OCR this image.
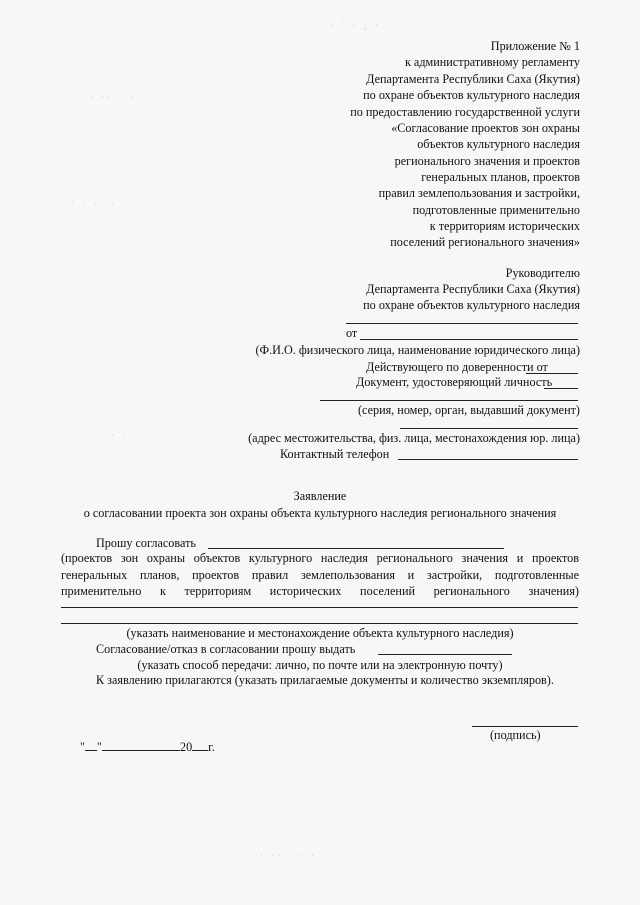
· ˙ · ¸ ·
· ·· ˙ ·
· ˙ · ·· ·
˙ · ·
· ·· ˙ · ·
Приложение № 1
к административному регламенту
Департамента Республики Саха (Якутия)
по охране объектов культурного наследия
по предоставлению государственной услуги
«Согласование проектов зон охраны
объектов культурного наследия
регионального значения и проектов
генеральных планов, проектов
правил землепользования и застройки,
подготовленные применительно
к территориям исторических
поселений регионального значения»
Руководителю
Департамента Республики Саха (Якутия)
по охране объектов культурного наследия
от
(Ф.И.О. физического лица, наименование юридического лица)
Действующего по доверенности от
Документ, удостоверяющий личность
(серия, номер, орган, выдавший документ)
(адрес местожительства, физ. лица, местонахождения юр. лица)
Контактный телефон
Заявление
о согласовании проекта зон охраны объекта культурного наследия регионального значения
Прошу согласовать
(проектов зон охраны объектов культурного наследия регионального значения и проектов генеральных планов, проектов правил землепользования и застройки, подготовленные применительно к территориям исторических поселений регионального значения)
(указать наименование и местонахождение объекта культурного наследия)
Согласование/отказ в согласовании прошу выдать
(указать способ передачи: лично, по почте или на электронную почту)
К заявлению прилагаются (указать прилагаемые документы и количество экземпляров).
" "	20 г.
(подпись)
